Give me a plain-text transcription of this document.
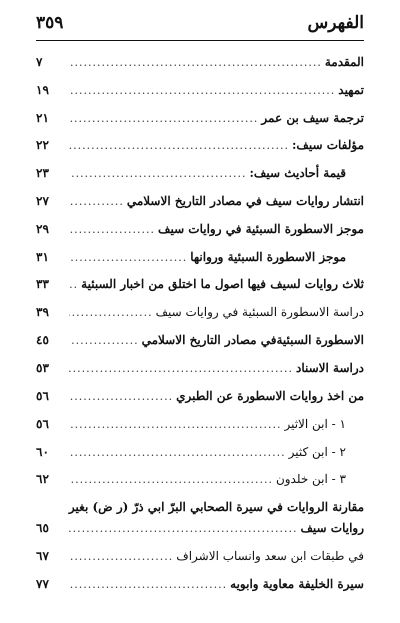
الفهرس
٣٥٩
المقدمة
.....
٧
تمهيد
.....
١٩
ترجمة سيف بن عمر
.....
٢١
مؤلفات سيف:
.....
٢٢
قيمة أحاديث سيف:
.....
٢٣
انتشار روايات سيف في مصادر التاريخ الاسلامي
.....
٢٧
موجز الاسطورة السبئية في روايات سيف
.....
٢٩
موجز الاسطورة السبئية وروانها
.....
٣١
ثلاث روايات لسيف فيها اصول ما اختلق من اخبار السبئية
.....
٣٣
دراسة الاسطورة السبئية في روايات سيف
.....
٣٩
الاسطورة السبئيةفي مصادر التاريخ الاسلامي
.....
٤٥
دراسة الاسناد
.....
٥٣
من اخذ روايات الاسطورة عن الطبري
.....
٥٦
١ - ابن الاثير
.....
٥٦
٢ - ابن كثير
.....
٦٠
٣ - ابن خلدون
.....
٦٢
مقارنة الروايات في سيرة الصحابي البرّ ابي ذرّ (ر ض) بغير
روايات سيف
.....
٦٥
في طبقات ابن سعد وانساب الاشراف
.....
٦٧
سيرة الخليفة معاوية وابويه
.....
٧٧
